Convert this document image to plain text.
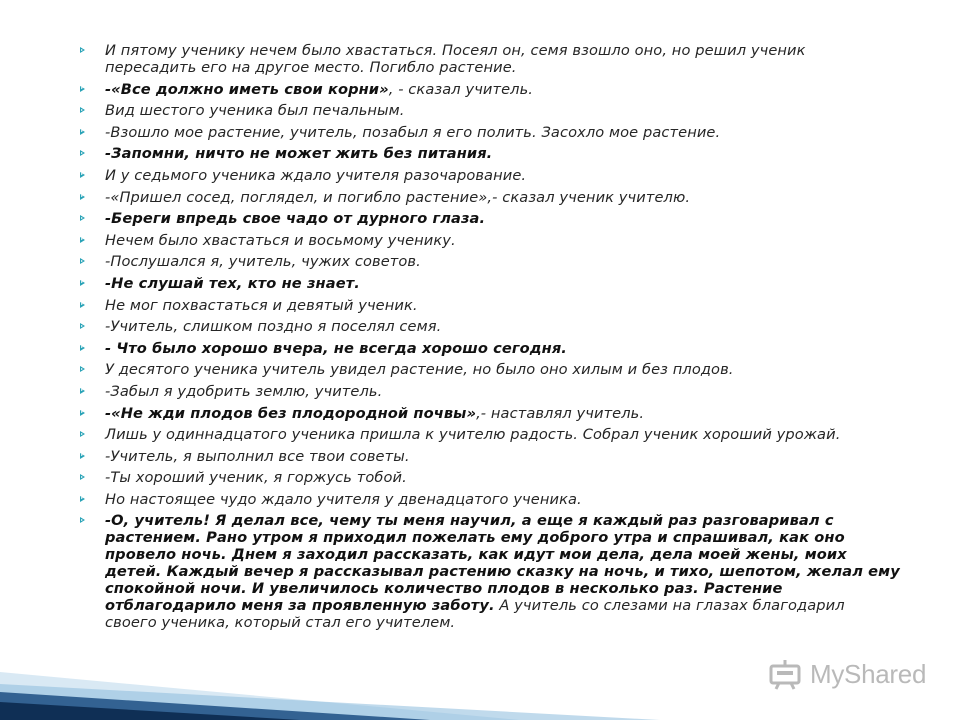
И пятому ученику нечем было хвастаться. Посеял он, семя взошло оно, но решил ученик пересадить его на другое место. Погибло растение.
-«Все должно иметь свои корни», - сказал учитель.
Вид шестого ученика был печальным.
-Взошло мое растение, учитель, позабыл я его полить. Засохло мое растение.
-Запомни, ничто не может жить без питания.
И у седьмого ученика ждало учителя разочарование.
-«Пришел сосед, поглядел, и погибло растение»,- сказал ученик учителю.
-Береги впредь свое чадо от дурного глаза.
Нечем было хвастаться и восьмому ученику.
-Послушался я, учитель, чужих советов.
-Не слушай тех, кто не знает.
Не мог похвастаться и девятый ученик.
-Учитель, слишком поздно я поселял семя.
- Что было хорошо вчера, не всегда хорошо сегодня.
У десятого ученика учитель увидел растение, но было оно хилым и без плодов.
-Забыл я удобрить землю, учитель.
-«Не жди плодов без плодородной почвы»,- наставлял учитель.
Лишь у одиннадцатого ученика пришла к учителю радость. Собрал ученик хороший урожай.
-Учитель, я выполнил все твои советы.
-Ты хороший ученик, я горжусь тобой.
Но настоящее чудо ждало учителя у двенадцатого ученика.
-О, учитель! Я делал все, чему ты меня научил, а еще я каждый раз разговаривал с растением. Рано утром я приходил пожелать ему доброго утра и спрашивал, как оно провело ночь. Днем я заходил рассказать, как идут мои дела, дела моей жены, моих детей. Каждый вечер я рассказывал растению сказку на ночь, и тихо, шепотом, желал ему спокойной ночи. И увеличилось количество плодов в несколько раз. Растение отблагодарило меня за проявленную заботу. А учитель со слезами на глазах благодарил своего ученика, который стал его учителем.
MyShared
